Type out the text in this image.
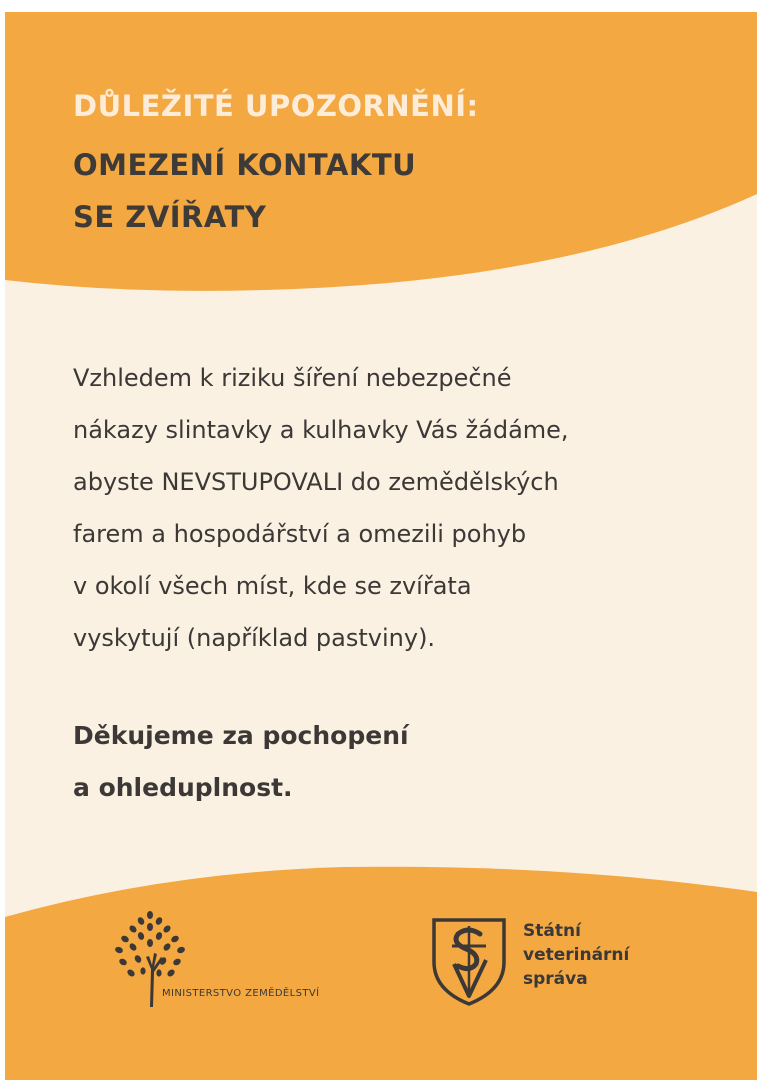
DŮLEŽITÉ UPOZORNĚNÍ:
OMEZENÍ KONTAKTU
SE ZVÍŘATY
Vzhledem k riziku šíření nebezpečné
nákazy slintavky a kulhavky Vás žádáme,
abyste NEVSTUPOVALI do zemědělských
farem a hospodářství a omezili pohyb
v okolí všech míst, kde se zvířata
vyskytují (například pastviny).
Děkujeme za pochopení
a ohleduplnost.
MINISTERSTVO ZEMĚDĚLSTVÍ
Státní
veterinární
správa
